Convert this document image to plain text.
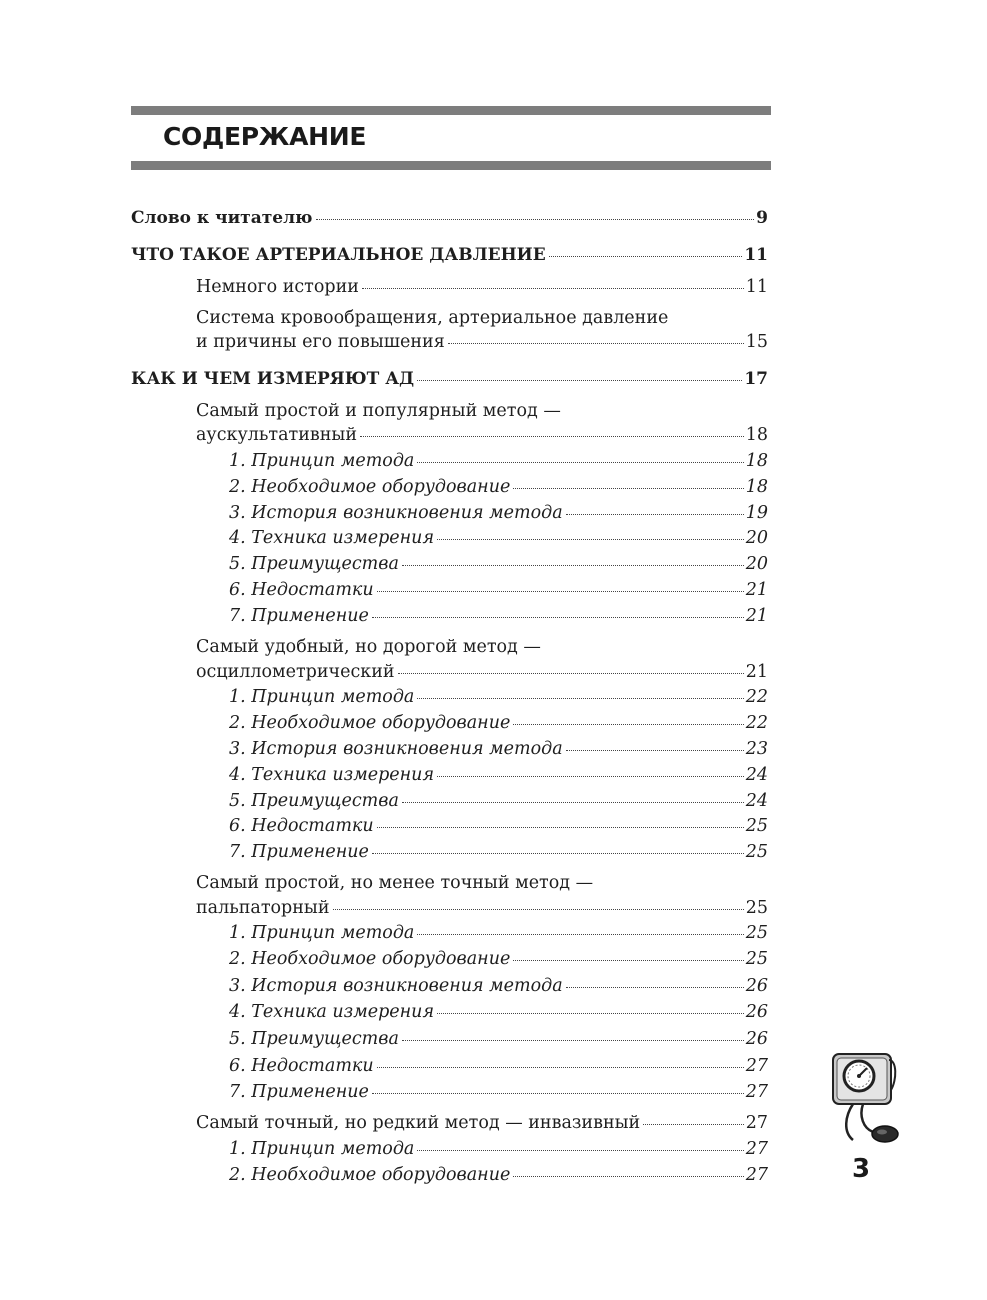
СОДЕРЖАНИЕ
Слово к читателю	9
ЧТО ТАКОЕ АРТЕРИАЛЬНОЕ ДАВЛЕНИЕ	11
Немного истории	11
Система кровообращения, артериальное давление
и причины его повышения	15
КАК И ЧЕМ ИЗМЕРЯЮТ АД	17
Самый простой и популярный метод —
аускультативный	18
1. Принцип метода	18
2. Необходимое оборудование	18
3. История возникновения метода	19
4. Техника измерения	20
5. Преимущества	20
6. Недостатки	21
7. Применение	21
Самый удобный, но дорогой метод —
осциллометрический	21
1. Принцип метода	22
2. Необходимое оборудование	22
3. История возникновения метода	23
4. Техника измерения	24
5. Преимущества	24
6. Недостатки	25
7. Применение	25
Самый простой, но менее точный метод —
пальпаторный	25
1. Принцип метода	25
2. Необходимое оборудование	25
3. История возникновения метода	26
4. Техника измерения	26
5. Преимущества	26
6. Недостатки	27
7. Применение	27
Самый точный, но редкий метод — инвазивный	27
1. Принцип метода	27
2. Необходимое оборудование	27	3
